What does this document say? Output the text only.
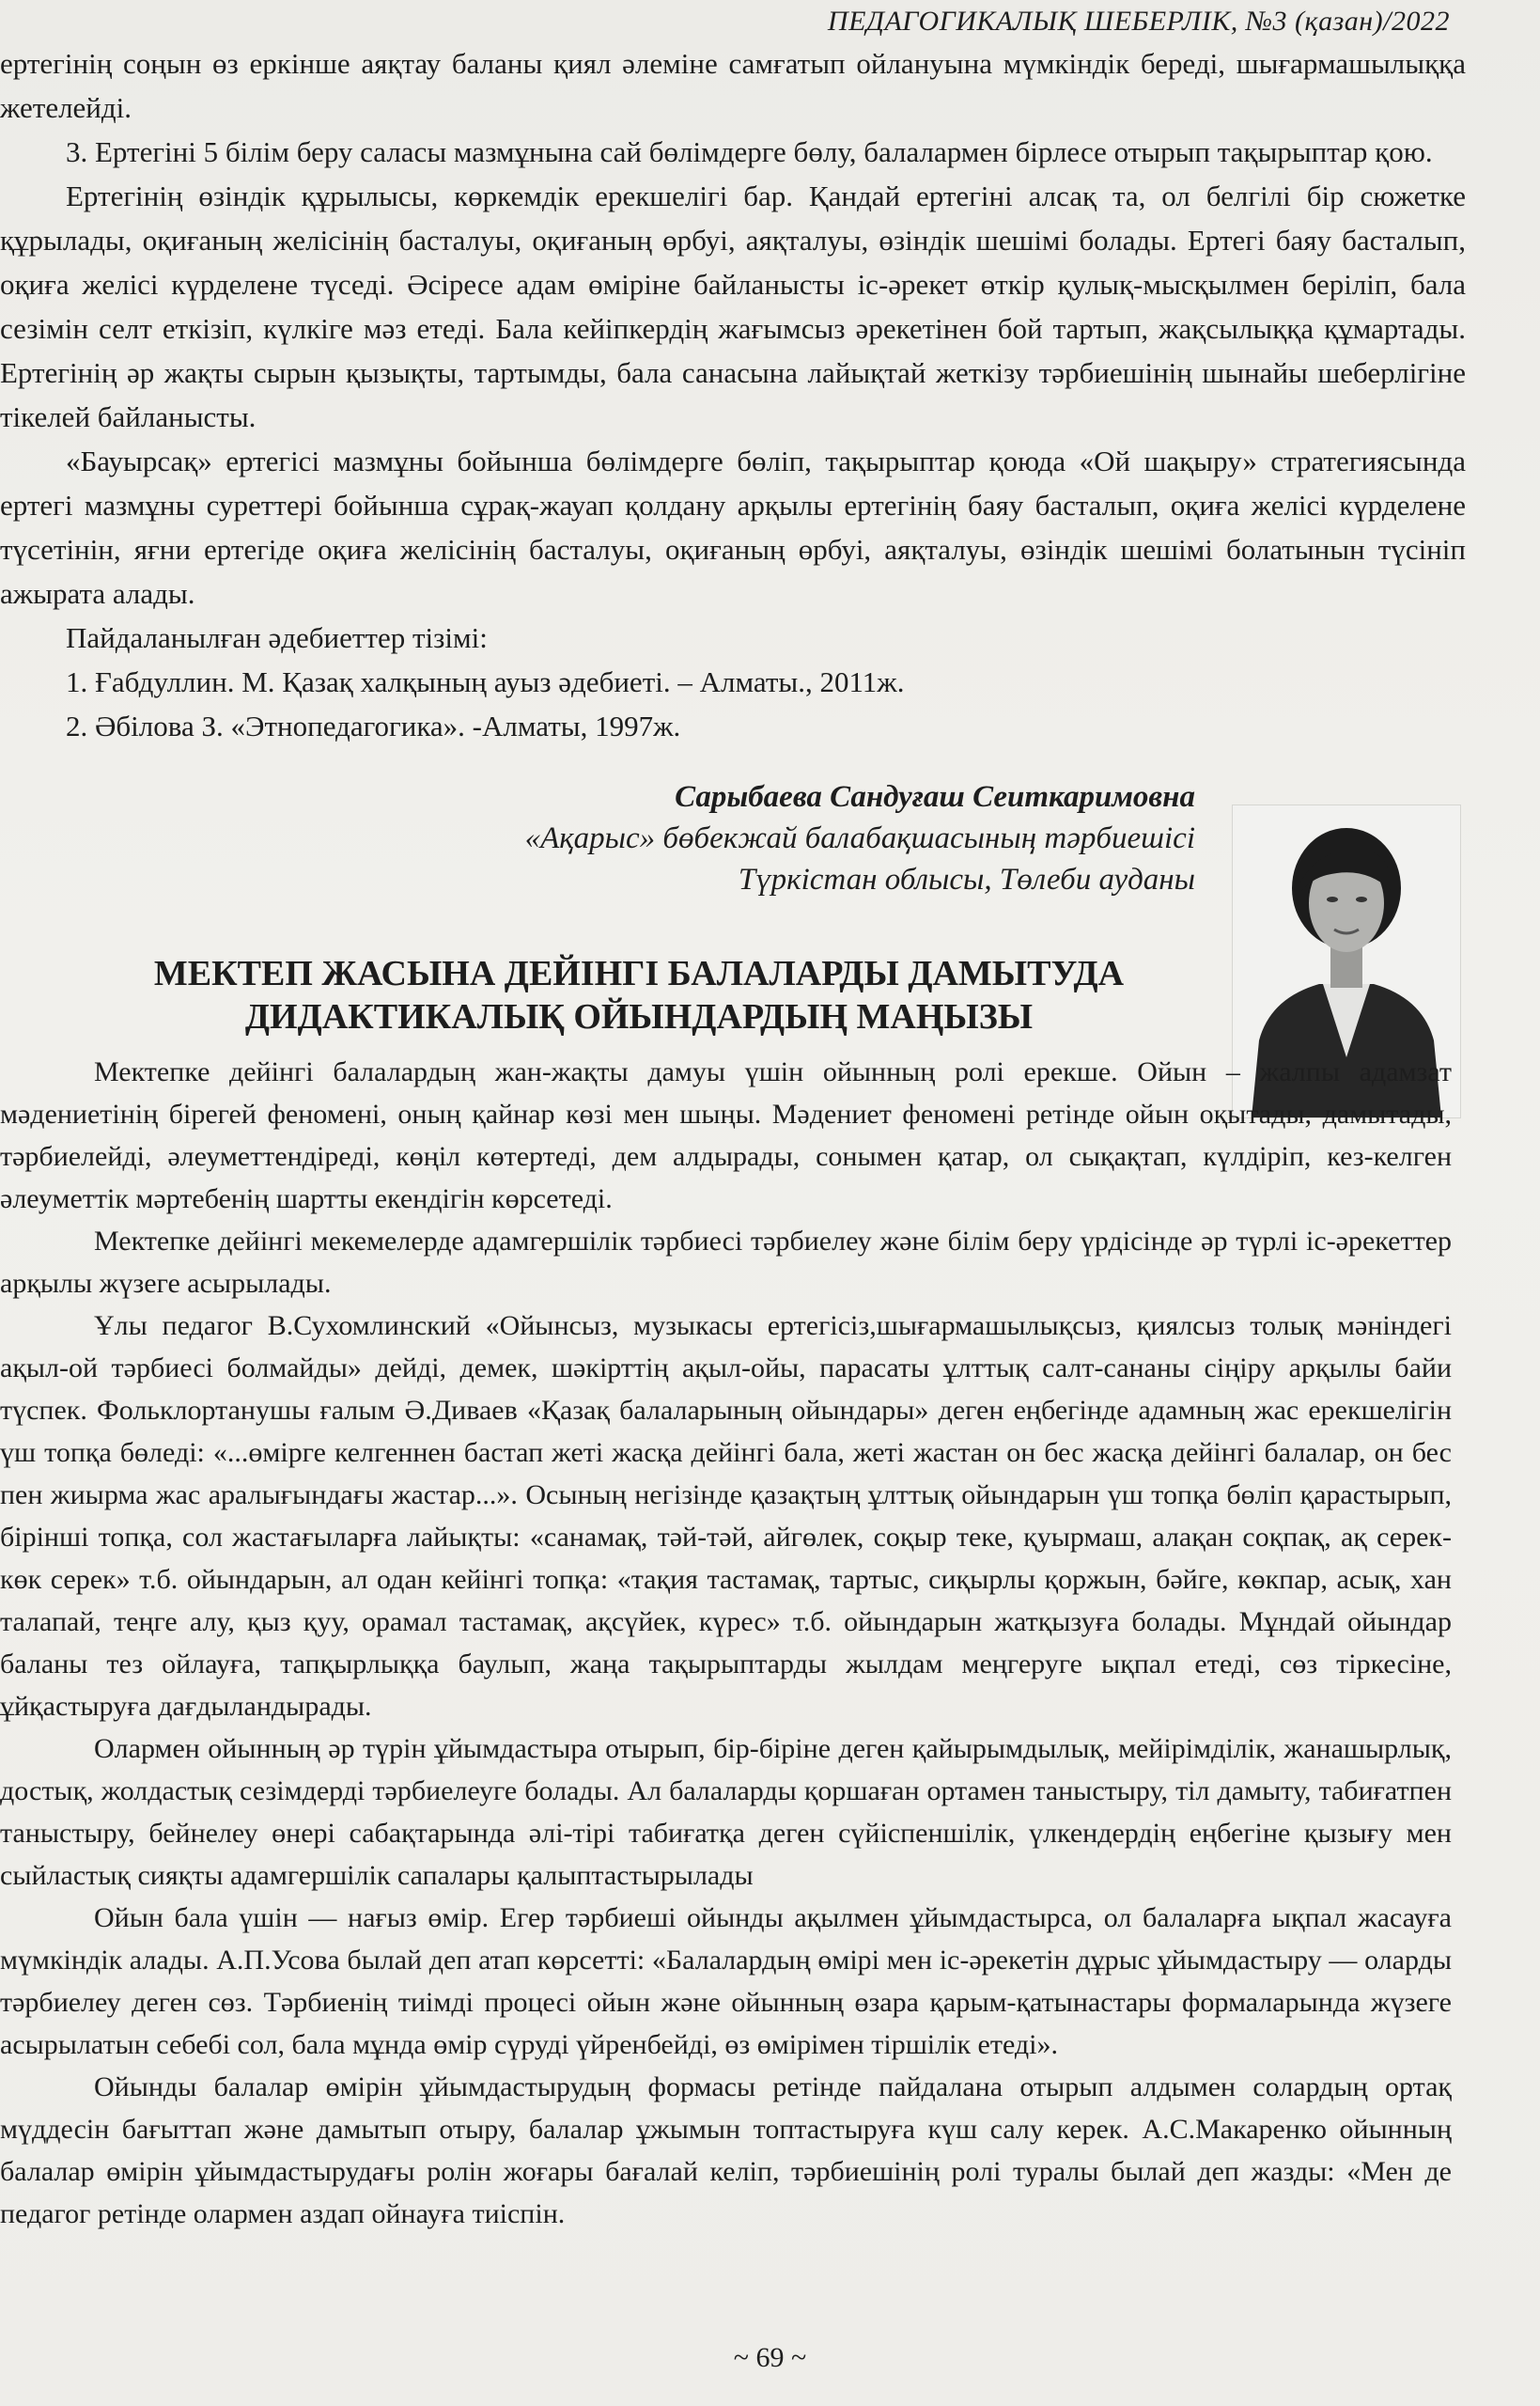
ПЕДАГОГИКАЛЫҚ ШЕБЕРЛІК, №3 (қазан)/2022

ертегінің соңын өз еркінше аяқтау баланы қиял әлеміне самғатып ойлануына мүмкіндік береді, шығармашылыққа жетелейді.

3. Ертегіні 5 білім беру саласы мазмұнына сай бөлімдерге бөлу, балалармен бірлесе отырып тақырыптар қою.

Ертегінің өзіндік құрылысы, көркемдік ерекшелігі бар. Қандай ертегіні алсақ та, ол белгілі бір сюжетке құрылады, оқиғаның желісінің басталуы, оқиғаның өрбуі, аяқталуы, өзіндік шешімі болады. Ертегі баяу басталып, оқиға желісі күрделене түседі. Әсіресе адам өміріне байланысты іс-әрекет өткір қулық-мысқылмен беріліп, бала сезімін селт еткізіп, күлкіге мәз етеді. Бала кейіпкердің жағымсыз әрекетінен бой тартып, жақсылыққа құмартады. Ертегінің әр жақты сырын қызықты, тартымды, бала санасына лайықтай жеткізу тәрбиешінің шынайы шеберлігіне тікелей байланысты.

«Бауырсақ» ертегісі мазмұны бойынша бөлімдерге бөліп, тақырыптар қоюда «Ой шақыру» стратегиясында ертегі мазмұны суреттері бойынша сұрақ-жауап қолдану арқылы ертегінің баяу басталып, оқиға желісі күрделене түсетінін, яғни ертегіде оқиға желісінің басталуы, оқиғаның өрбуі, аяқталуы, өзіндік шешімі болатынын түсініп ажырата алады.

Пайдаланылған әдебиеттер тізімі:

1. Ғабдуллин. М. Қазақ халқының ауыз әдебиеті. – Алматы., 2011ж.
2. Әбілова З. «Этнопедагогика». -Алматы, 1997ж.
Сарыбаева Сандуғаш Сеиткаримовна
«Ақарыс» бөбекжай балабақшасының тәрбиешісі
Түркістан облысы, Төлеби ауданы
МЕКТЕП ЖАСЫНА ДЕЙІНГІ БАЛАЛАРДЫ ДАМЫТУДА
ДИДАКТИКАЛЫҚ ОЙЫНДАРДЫҢ МАҢЫЗЫ

Мектепке дейінгі балалардың жан-жақты дамуы үшін ойынның ролі ерекше. Ойын – жалпы адамзат мәдениетінің бірегей феномені, оның қайнар көзі мен шыңы. Мәдениет феномені ретінде ойын оқытады, дамытады, тәрбиелейді, әлеуметтендіреді, көңіл көтертеді, дем алдырады, сонымен қатар, ол сықақтап, күлдіріп, кез-келген әлеуметтік мәртебенің шартты екендігін көрсетеді.

Мектепке дейінгі мекемелерде адамгершілік тәрбиесі тәрбиелеу және білім беру үрдісінде әр түрлі іс-әрекеттер арқылы жүзеге асырылады.

Ұлы педагог В.Сухомлинский «Ойынсыз, музыкасы ертегісіз,шығармашылықсыз, қиялсыз толық мәніндегі ақыл-ой тәрбиесі болмайды» дейді, демек, шәкірттің ақыл-ойы, парасаты ұлттық салт-сананы сіңіру арқылы байи түспек. Фольклортанушы ғалым Ә.Диваев «Қазақ балаларының ойындары» деген еңбегінде адамның жас ерекшелігін үш топқа бөледі: «...өмірге келгеннен бастап жеті жасқа дейінгі бала, жеті жастан он бес жасқа дейінгі балалар, он бес пен жиырма жас аралығындағы жастар...». Осының негізінде қазақтың ұлттық ойындарын үш топқа бөліп қарастырып, бірінші топқа, сол жастағыларға лайықты: «санамақ, тәй-тәй, айгөлек, соқыр теке, қуырмаш, алақан соқпақ, ақ серек-көк серек» т.б. ойындарын, ал одан кейінгі топқа: «тақия тастамақ, тартыс, сиқырлы қоржын, бәйге, көкпар, асық, хан талапай, теңге алу, қыз қуу, орамал тастамақ, ақсүйек, күрес» т.б. ойындарын жатқызуға болады. Мұндай ойындар баланы тез ойлауға, тапқырлыққа баулып, жаңа тақырыптарды жылдам меңгеруге ықпал етеді, сөз тіркесіне, ұйқастыруға дағдыландырады.

Олармен ойынның әр түрін ұйымдастыра отырып, бір-біріне деген қайырымдылық, мейірімділік, жанашырлық, достық, жолдастық сезімдерді тәрбиелеуге болады. Ал балаларды қоршаған ортамен таныстыру, тіл дамыту, табиғатпен таныстыру, бейнелеу өнері сабақтарында әлі-тірі табиғатқа деген сүйіспеншілік, үлкендердің еңбегіне қызығу мен сыйластық сияқты адамгершілік сапалары қалыптастырылады

Ойын бала үшін — нағыз өмір. Егер тәрбиеші ойынды ақылмен ұйымдастырса, ол балаларға ықпал жасауға мүмкіндік алады. А.П.Усова былай деп атап көрсетті: «Балалардың өмірі мен іс-әрекетін дұрыс ұйымдастыру — оларды тәрбиелеу деген сөз. Тәрбиенің тиімді процесі ойын және ойынның өзара қарым-қатынастары формаларында жүзеге асырылатын себебі сол, бала мұнда өмір сүруді үйренбейді, өз өмірімен тіршілік етеді».

Ойынды балалар өмірін ұйымдастырудың формасы ретінде пайдалана отырып алдымен солардың ортақ мүддесін бағыттап және дамытып отыру, балалар ұжымын топтастыруға күш салу керек. А.С.Макаренко ойынның балалар өмірін ұйымдастырудағы ролін жоғары бағалай келіп, тәрбиешінің ролі туралы былай деп жазды: «Мен де педагог ретінде олармен аздап ойнауға тиіспін.

~ 69 ~
